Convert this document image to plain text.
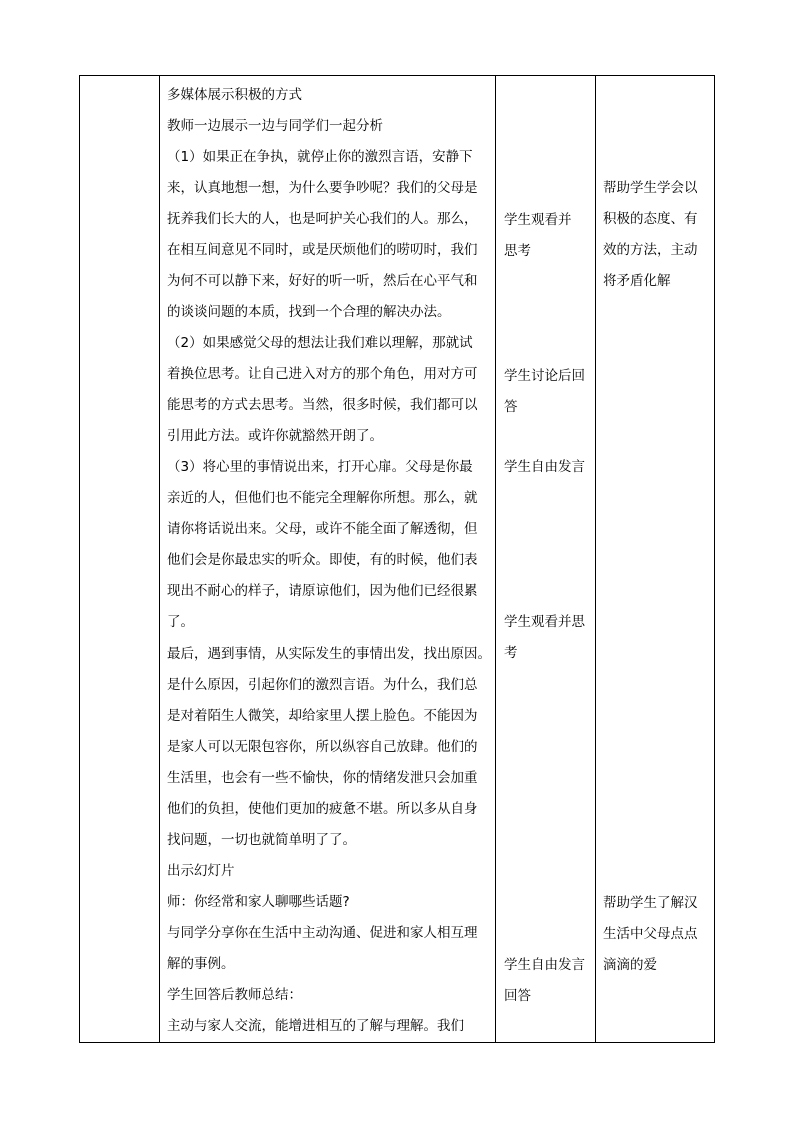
多媒体展示积极的方式
教师一边展示一边与同学们一起分析
（1）如果正在争执，就停止你的激烈言语，安静下
来，认真地想一想，为什么要争吵呢？我们的父母是
抚养我们长大的人，也是呵护关心我们的人。那么，
在相互间意见不同时，或是厌烦他们的唠叨时，我们
为何不可以静下来，好好的听一听，然后在心平气和
的谈谈问题的本质，找到一个合理的解决办法。
（2）如果感觉父母的想法让我们难以理解，那就试
着换位思考。让自己进入对方的那个角色，用对方可
能思考的方式去思考。当然，很多时候，我们都可以
引用此方法。或许你就豁然开朗了。
（3）将心里的事情说出来，打开心扉。父母是你最
亲近的人，但他们也不能完全理解你所想。那么，就
请你将话说出来。父母，或许不能全面了解透彻，但
他们会是你最忠实的听众。即使，有的时候，他们表
现出不耐心的样子，请原谅他们，因为他们已经很累
了。
最后，遇到事情，从实际发生的事情出发，找出原因。
是什么原因，引起你们的激烈言语。为什么，我们总
是对着陌生人微笑，却给家里人摆上脸色。不能因为
是家人可以无限包容你，所以纵容自己放肆。他们的
生活里，也会有一些不愉快，你的情绪发泄只会加重
他们的负担，使他们更加的疲惫不堪。所以多从自身
找问题，一切也就简单明了了。
出示幻灯片
师：你经常和家人聊哪些话题?
与同学分享你在生活中主动沟通、促进和家人相互理
解的事例。
学生回答后教师总结：
主动与家人交流，能增进相互的了解与理解。我们
学生观看并
思考
学生讨论后回
答
学生自由发言
学生观看并思
考
学生自由发言
回答
帮助学生学会以
积极的态度、有
效的方法，主动
将矛盾化解
帮助学生了解汉
生活中父母点点
滴滴的爱
